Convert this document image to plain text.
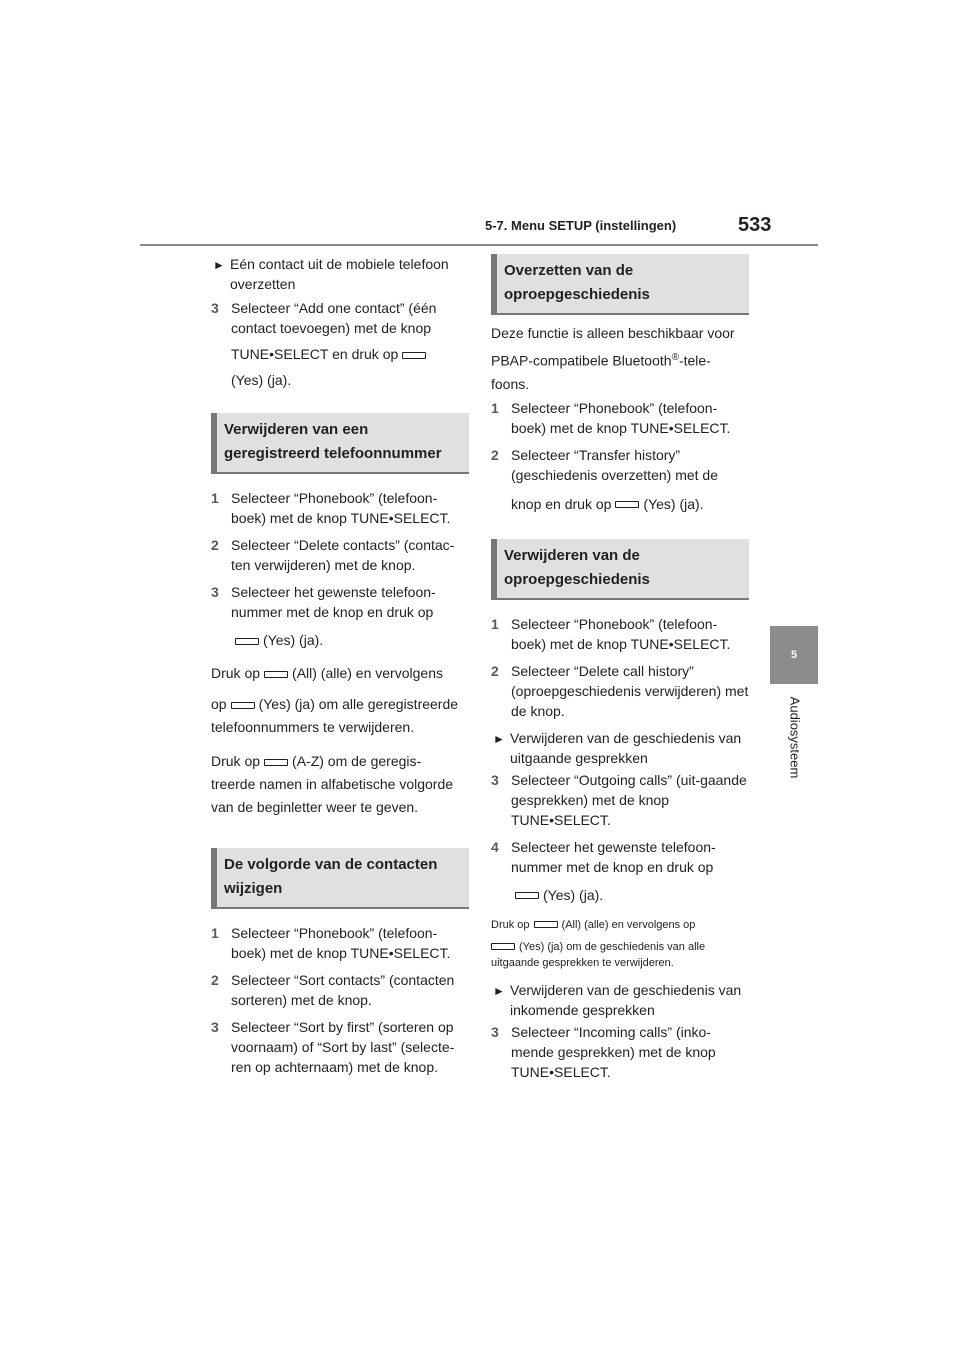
5-7. Menu SETUP (instellingen)	533
5
Audiosysteem
► Eén contact uit de mobiele telefoon overzetten
3 Selecteer “Add one contact” (één contact toevoegen) met de knop
TUNE•SELECT en druk op
(Yes) (ja).
Verwijderen van een geregistreerd telefoonnummer
1 Selecteer “Phonebook” (telefoon-boek) met de knop TUNE•SELECT.
2 Selecteer “Delete contacts” (contac-ten verwijderen) met de knop.
3 Selecteer het gewenste telefoon-nummer met de knop en druk op
(Yes) (ja).

Druk op (All) (alle) en vervolgens

op (Yes) (ja) om alle geregistreerde

telefoonnummers te verwijderen.

Druk op (A-Z) om de geregis-

treerde namen in alfabetische volgorde

van de beginletter weer te geven.

De volgorde van de contacten wijzigen
1 Selecteer “Phonebook” (telefoon-boek) met de knop TUNE•SELECT.
2 Selecteer “Sort contacts” (contacten sorteren) met de knop.
3 Selecteer “Sort by first” (sorteren op voornaam) of “Sort by last” (selecte-ren op achternaam) met de knop.
Overzetten van de oproepgeschiedenis

Deze functie is alleen beschikbaar voor

PBAP-compatibele Bluetooth®-tele-

foons.

1 Selecteer “Phonebook” (telefoon-boek) met de knop TUNE•SELECT.
2 Selecteer “Transfer history” (geschiedenis overzetten) met de
knop en druk op (Yes) (ja).
Verwijderen van de oproepgeschiedenis
1 Selecteer “Phonebook” (telefoon-boek) met de knop TUNE•SELECT.
2 Selecteer “Delete call history” (oproepgeschiedenis verwijderen) met de knop.
► Verwijderen van de geschiedenis van uitgaande gesprekken
3 Selecteer “Outgoing calls” (uit-gaande gesprekken) met de knop TUNE•SELECT.
4 Selecteer het gewenste telefoon-nummer met de knop en druk op
(Yes) (ja).

Druk op	(All) (alle) en vervolgens op

(Yes) (ja) om de geschiedenis van alle

uitgaande gesprekken te verwijderen.

► Verwijderen van de geschiedenis van inkomende gesprekken
3 Selecteer “Incoming calls” (inko-mende gesprekken) met de knop TUNE•SELECT.
